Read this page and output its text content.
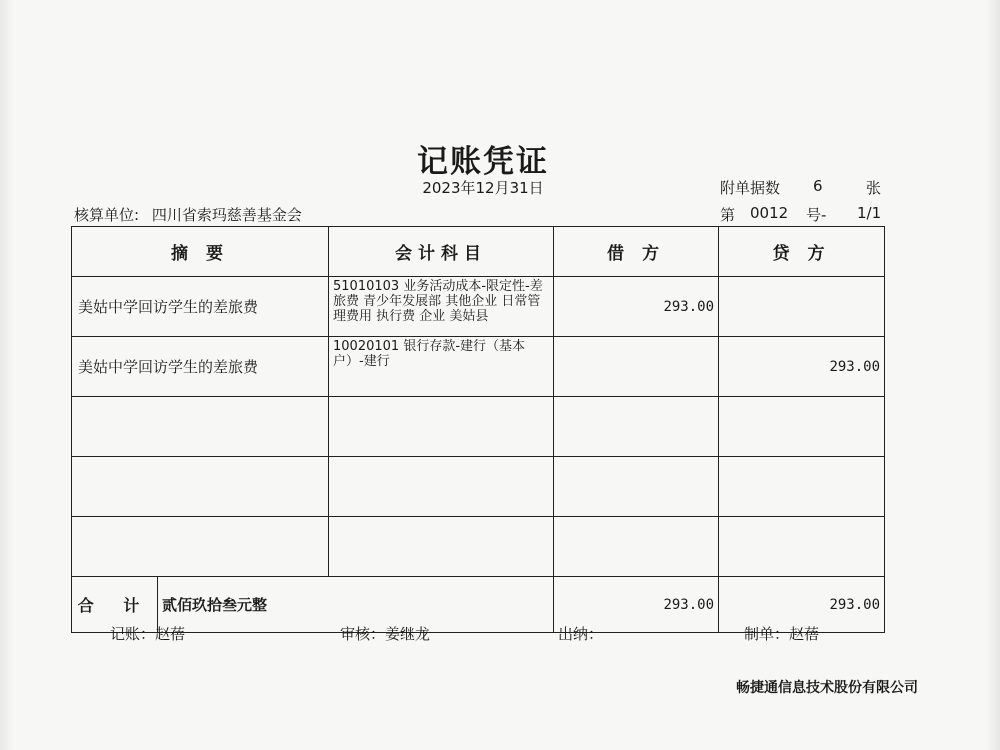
记账凭证
2023年12月31日	附单据数 6	张
核算单位: 四川省索玛慈善基金会	第 0012 号- 1/1
摘 要		会计科目	借 方	贷 方
美姑中学回访学生的差旅费		51010103 业务活动成本-限定性-差旅费 青少年发展部 其他企业 日常管理费用 执行费 企业 美姑县	293.00	
美姑中学回访学生的差旅费		10020101 银行存款-建行（基本户）-建行		293.00

合 计	贰佰玖拾叁元整		293.00	293.00
记账：赵蓓	审核：姜继龙	出纳：	制单：赵蓓
畅捷通信息技术股份有限公司
